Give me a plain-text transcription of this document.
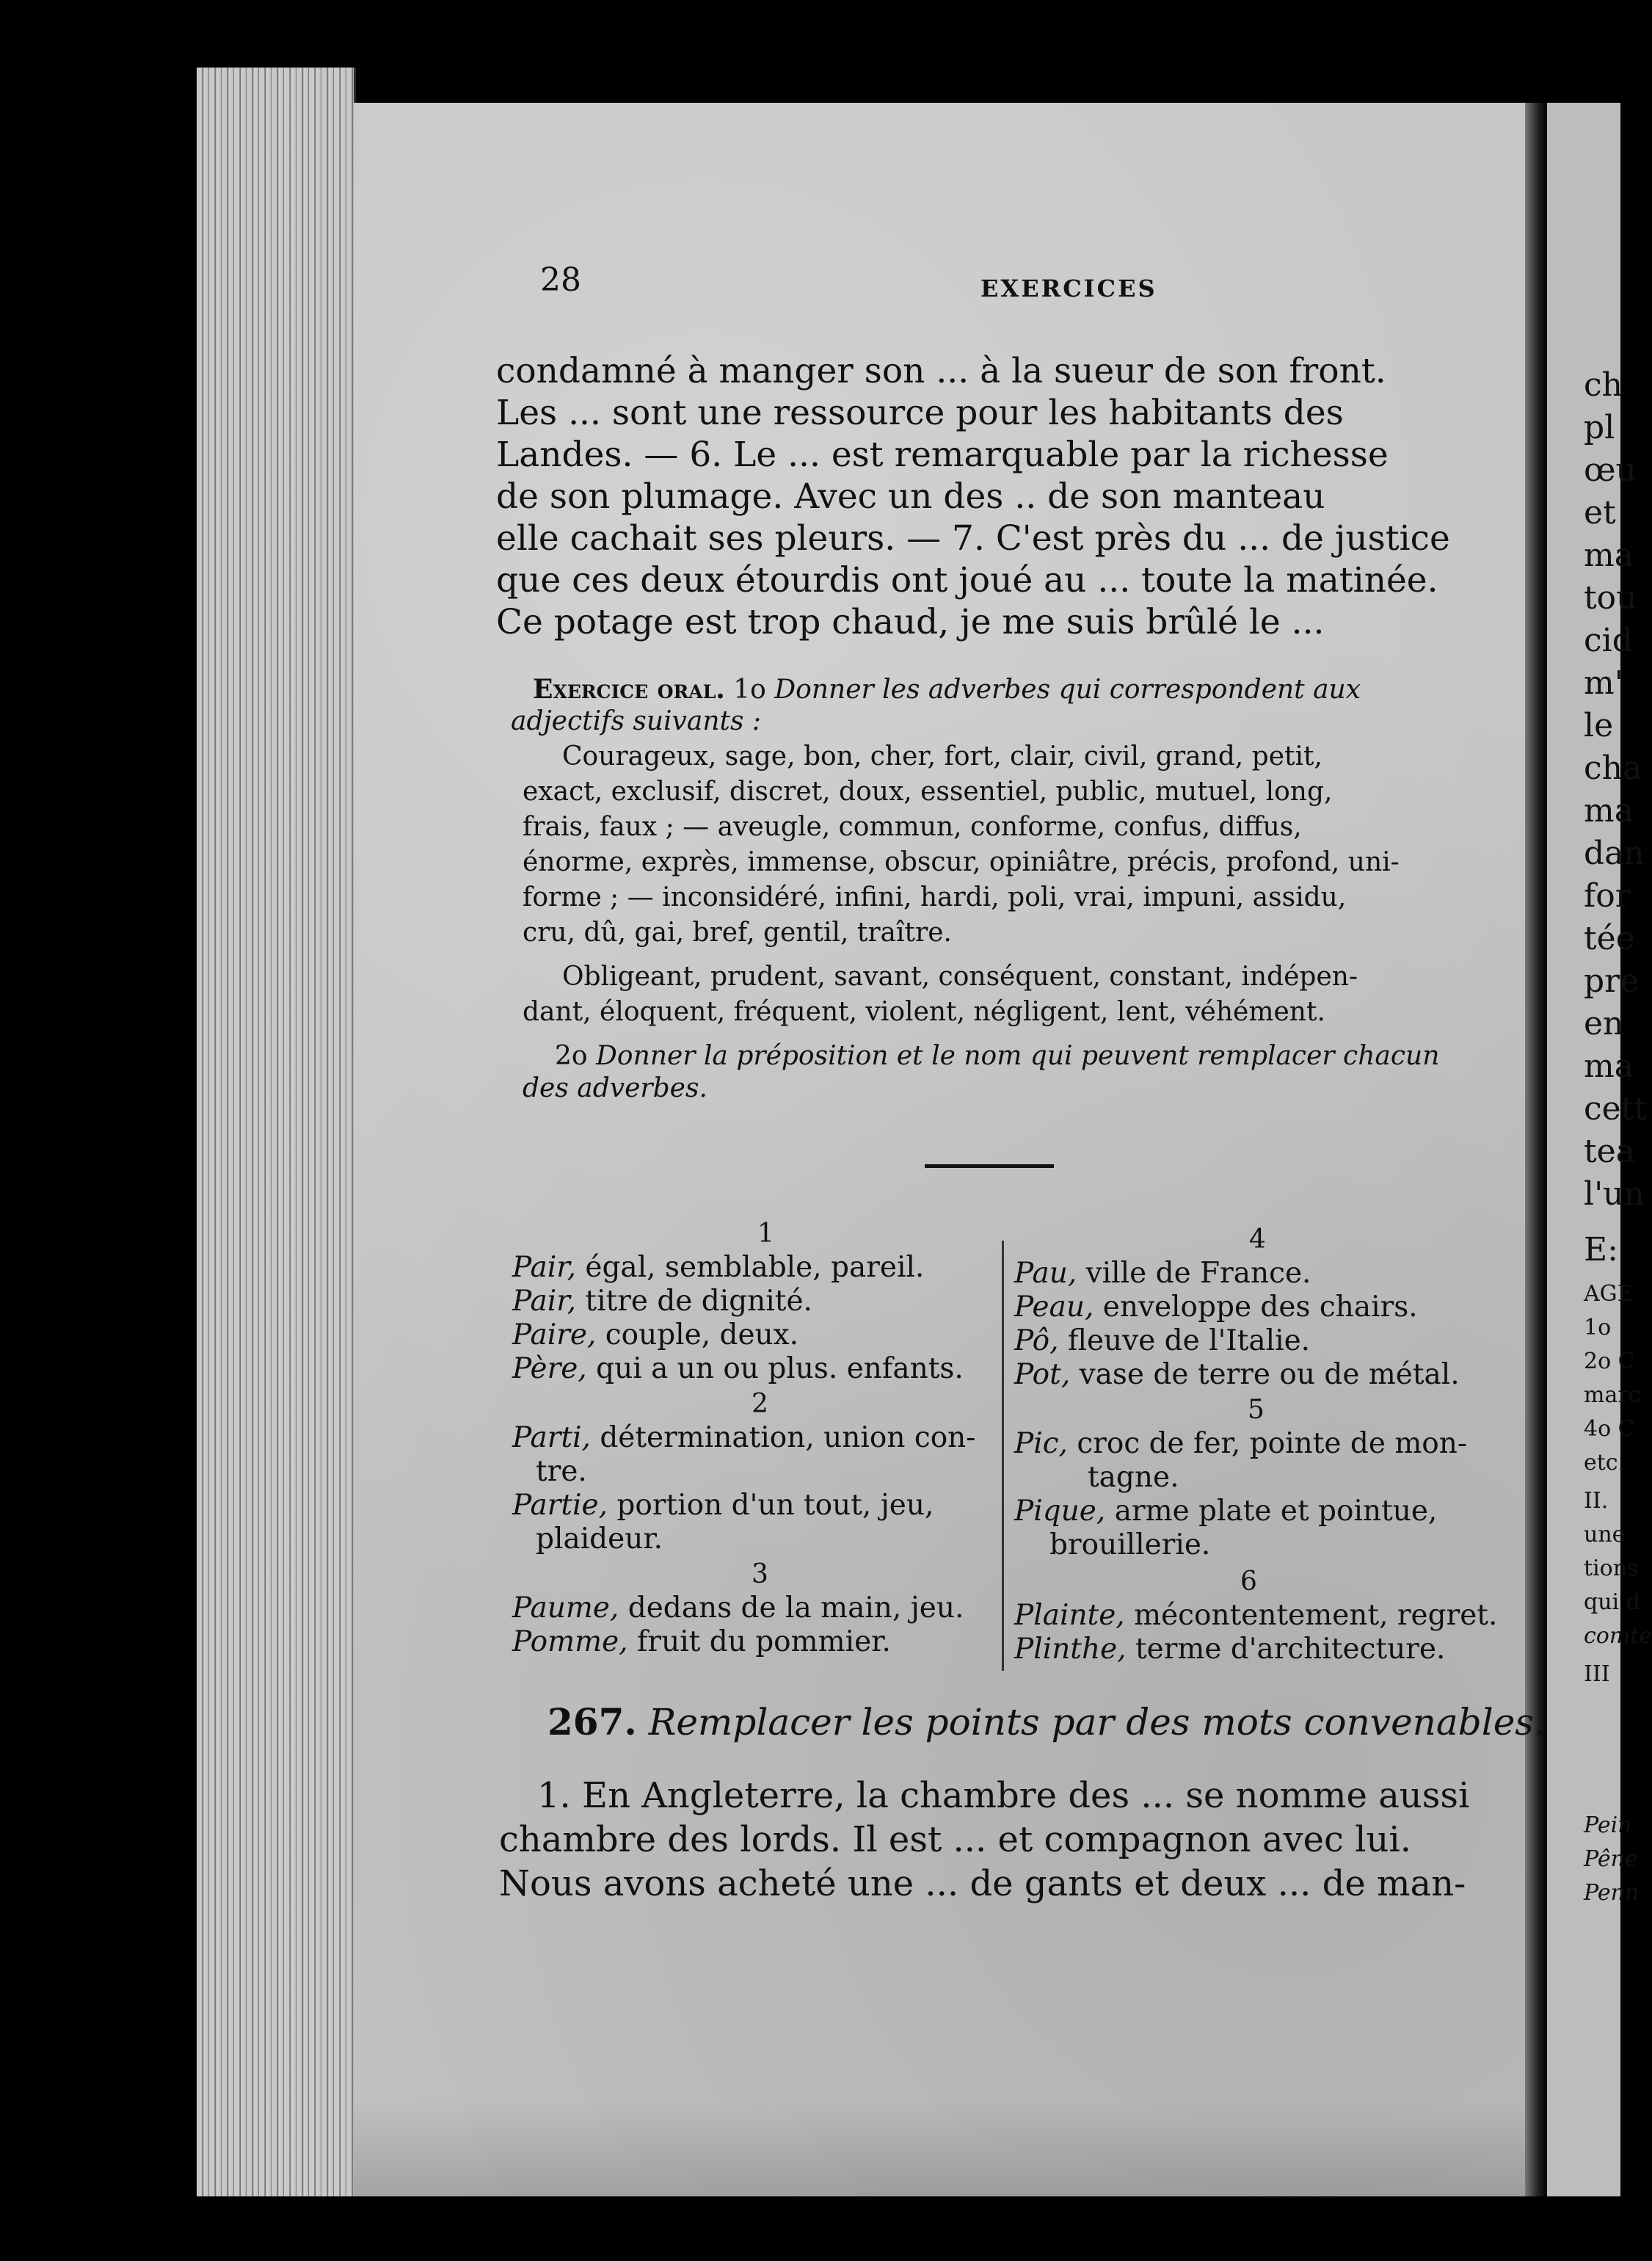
28	EXERCICES
condamné à manger son ... à la sueur de son front.
Les ... sont une ressource pour les habitants des
Landes. — 6. Le ... est remarquable par la richesse
de son plumage. Avec un des .. de son manteau
elle cachait ses pleurs. — 7. C'est près du ... de justice
que ces deux étourdis ont joué au ... toute la matinée.
Ce potage est trop chaud, je me suis brûlé le ...
Exercice oral. 1o Donner les adverbes qui correspondent aux
adjectifs suivants :
Courageux, sage, bon, cher, fort, clair, civil, grand, petit,
exact, exclusif, discret, doux, essentiel, public, mutuel, long,
frais, faux ; — aveugle, commun, conforme, confus, diffus,
énorme, exprès, immense, obscur, opiniâtre, précis, profond, uni-
forme ; — inconsidéré, infini, hardi, poli, vrai, impuni, assidu,
cru, dû, gai, bref, gentil, traître.
Obligeant, prudent, savant, conséquent, constant, indépen-
dant, éloquent, fréquent, violent, négligent, lent, véhément.
2o Donner la préposition et le nom qui peuvent remplacer chacun
des adverbes.
1
Pair, égal, semblable, pareil.
Pair, titre de dignité.
Paire, couple, deux.
Père, qui a un ou plus. enfants.
2
Parti, détermination, union con-
tre.
Partie, portion d'un tout, jeu,
plaideur.
3
Paume, dedans de la main, jeu.
Pomme, fruit du pommier.
4
Pau, ville de France.
Peau, enveloppe des chairs.
Pô, fleuve de l'Italie.
Pot, vase de terre ou de métal.
5
Pic, croc de fer, pointe de mon-
tagne.
Pique, arme plate et pointue,
brouillerie.
6
Plainte, mécontentement, regret.
Plinthe, terme d'architecture.
267. Remplacer les points par des mots convenables.
1. En Angleterre, la chambre des ... se nomme aussi
chambre des lords. Il est ... et compagnon avec lui.
Nous avons acheté une ... de gants et deux ... de man-
ch
pl
œu
et
ma
tou
cid
m'
le
cha
ma
dan
for
tée
pre
en
ma
cett
tea
l'un
E:
AGE
1o
2o C
marc
4o C
etc.
II.
une
tions
qui d
comte
III
Pein
Pêne
Penn
